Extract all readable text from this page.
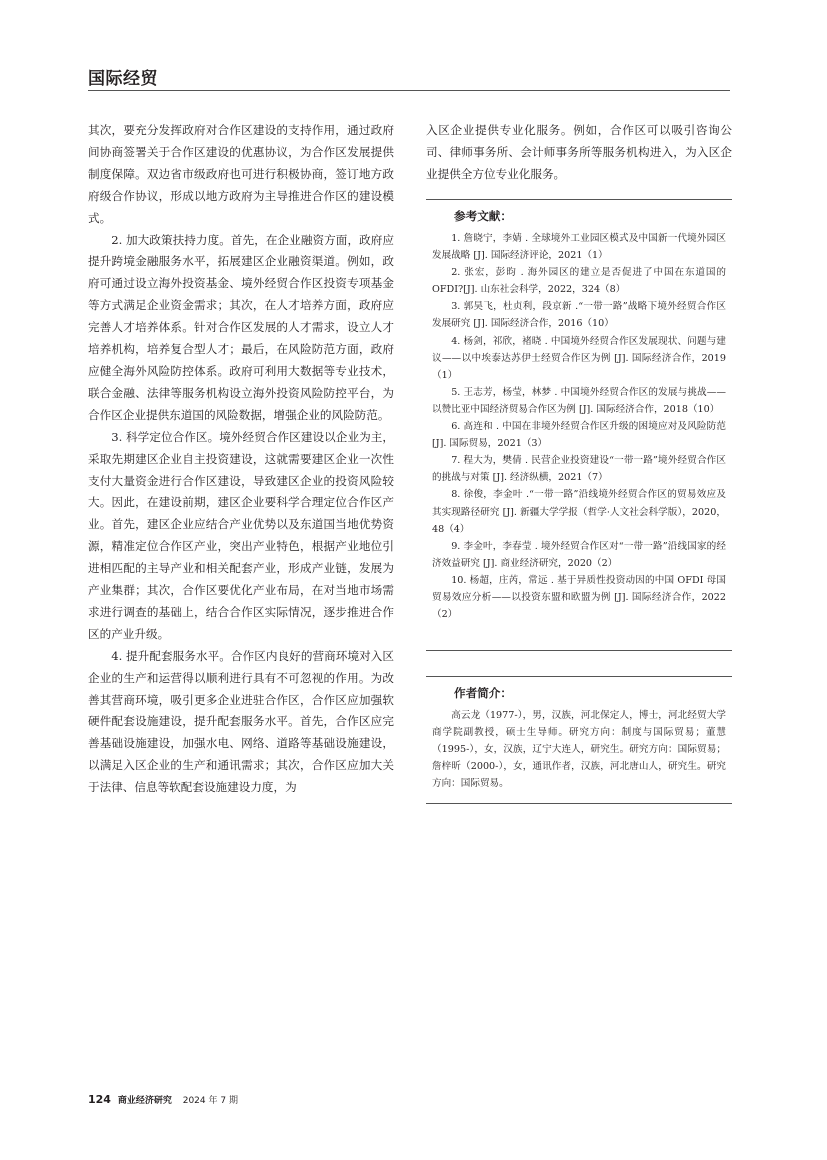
国际经贸

其次，要充分发挥政府对合作区建设的支持作用，通过政府间协商签署关于合作区建设的优惠协议，为合作区发展提供制度保障。双边省市级政府也可进行积极协商，签订地方政府级合作协议，形成以地方政府为主导推进合作区的建设模式。

2. 加大政策扶持力度。首先，在企业融资方面，政府应提升跨境金融服务水平，拓展建区企业融资渠道。例如，政府可通过设立海外投资基金、境外经贸合作区投资专项基金等方式满足企业资金需求；其次，在人才培养方面，政府应完善人才培养体系。针对合作区发展的人才需求，设立人才培养机构，培养复合型人才；最后，在风险防范方面，政府应健全海外风险防控体系。政府可利用大数据等专业技术，联合金融、法律等服务机构设立海外投资风险防控平台，为合作区企业提供东道国的风险数据，增强企业的风险防范。

3. 科学定位合作区。境外经贸合作区建设以企业为主，采取先期建区企业自主投资建设，这就需要建区企业一次性支付大量资金进行合作区建设，导致建区企业的投资风险较大。因此，在建设前期，建区企业要科学合理定位合作区产业。首先，建区企业应结合产业优势以及东道国当地优势资源，精准定位合作区产业，突出产业特色，根据产业地位引进相匹配的主导产业和相关配套产业，形成产业链，发展为产业集群；其次，合作区要优化产业布局，在对当地市场需求进行调查的基础上，结合合作区实际情况，逐步推进合作区的产业升级。

4. 提升配套服务水平。合作区内良好的营商环境对入区企业的生产和运营得以顺利进行具有不可忽视的作用。为改善其营商环境，吸引更多企业进驻合作区，合作区应加强软硬件配套设施建设，提升配套服务水平。首先，合作区应完善基础设施建设，加强水电、网络、道路等基础设施建设，以满足入区企业的生产和通讯需求；其次，合作区应加大关于法律、信息等软配套设施建设力度，为

入区企业提供专业化服务。例如，合作区可以吸引咨询公司、律师事务所、会计师事务所等服务机构进入，为入区企业提供全方位专业化服务。

参考文献：
1. 詹晓宁，李婧 . 全球境外工业园区模式及中国新一代境外园区发展战略 [J]. 国际经济评论，2021（1）
2. 张宏，彭昀 . 海外园区的建立是否促进了中国在东道国的 OFDI?[J]. 山东社会科学，2022，324（8）
3. 郭昊飞，杜贞利，段京新 .“一带一路”战略下境外经贸合作区发展研究 [J]. 国际经济合作，2016（10）
4. 杨剑，祁欣，褚晓 . 中国境外经贸合作区发展现状、问题与建议——以中埃泰达苏伊士经贸合作区为例 [J]. 国际经济合作，2019（1）
5. 王志芳，杨莹，林梦 . 中国境外经贸合作区的发展与挑战——以赞比亚中国经济贸易合作区为例 [J]. 国际经济合作，2018（10）
6. 高连和 . 中国在非境外经贸合作区升级的困境应对及风险防范 [J]. 国际贸易，2021（3）
7. 程大为，樊倩 . 民营企业投资建设“一带一路”境外经贸合作区的挑战与对策 [J]. 经济纵横，2021（7）
8. 徐俊，李金叶 .“一带一路”沿线境外经贸合作区的贸易效应及其实现路径研究 [J]. 新疆大学学报（哲学·人文社会科学版），2020，48（4）
9. 李金叶，李春莹 . 境外经贸合作区对“一带一路”沿线国家的经济效益研究 [J]. 商业经济研究，2020（2）
10. 杨超，庄芮，常远 . 基于异质性投资动因的中国 OFDI 母国贸易效应分析——以投资东盟和欧盟为例 [J]. 国际经济合作，2022（2）
作者简介：

高云龙（1977-），男，汉族，河北保定人，博士，河北经贸大学商学院副教授，硕士生导师。研究方向：制度与国际贸易；董慧（1995-），女，汉族，辽宁大连人，研究生。研究方向：国际贸易；詹梓昕（2000-），女，通讯作者，汉族，河北唐山人，研究生。研究方向：国际贸易。

124 商业经济研究 2024 年 7 期
